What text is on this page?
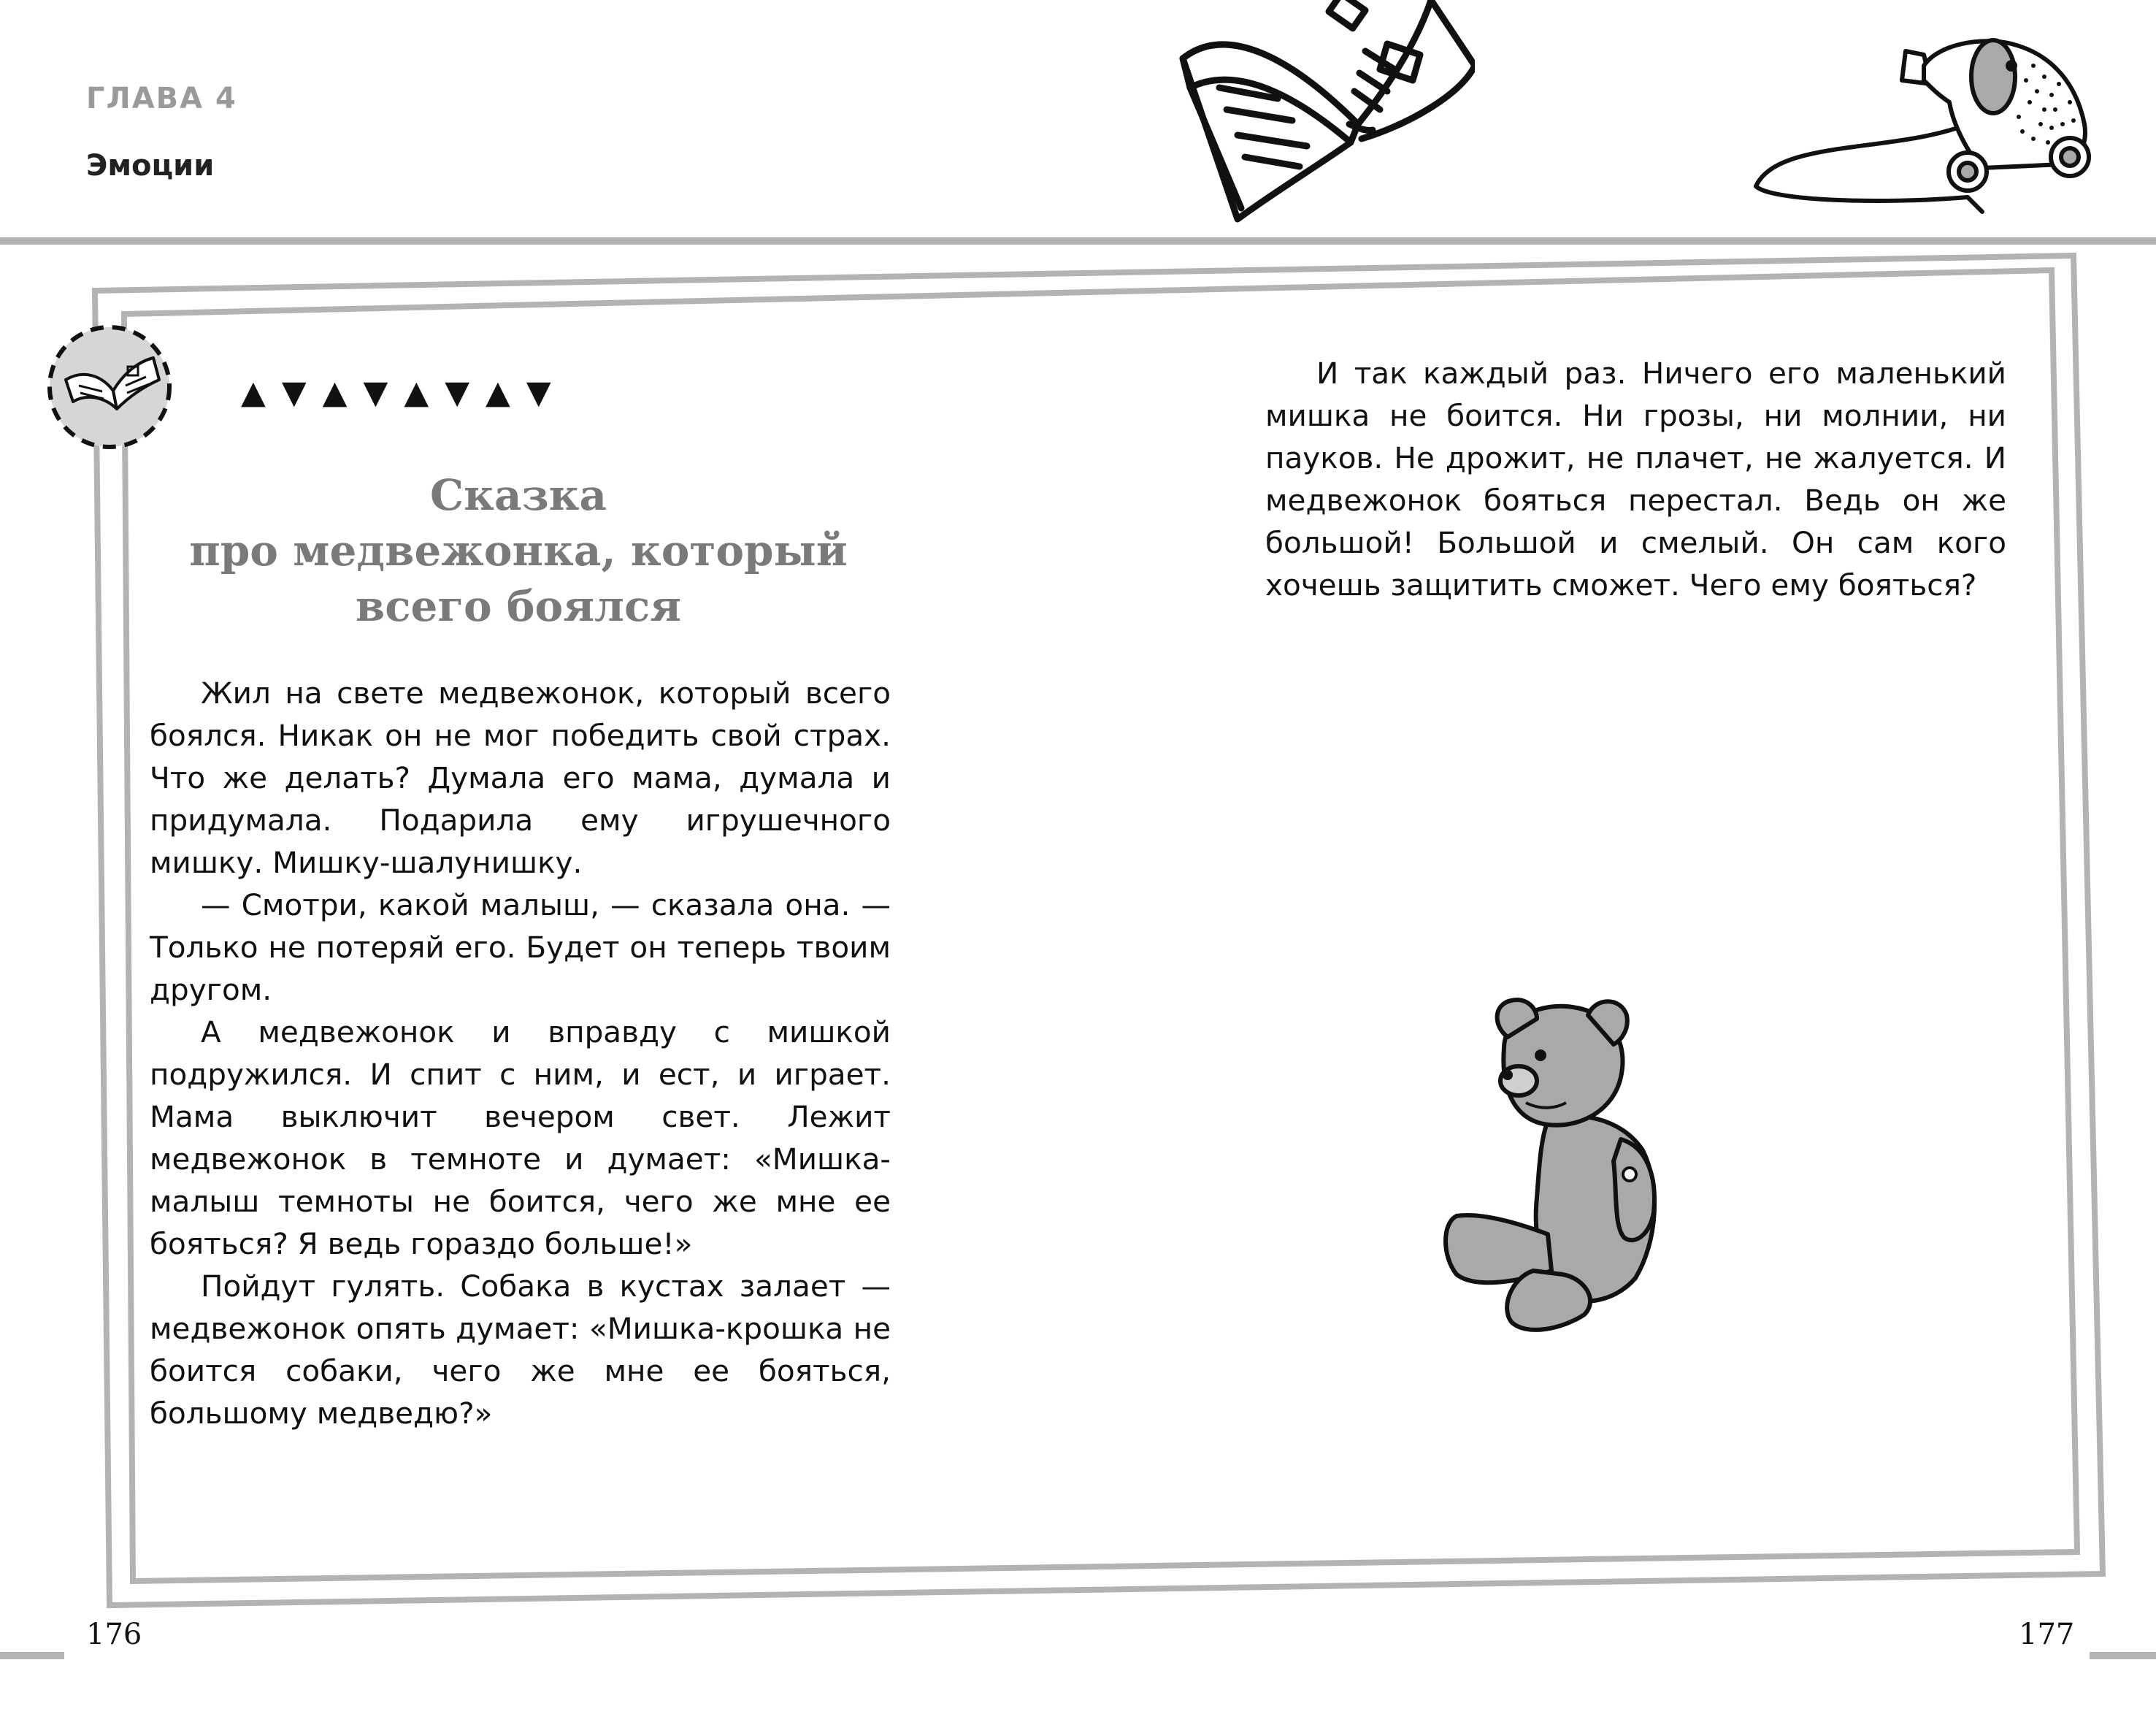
ГЛАВА 4
Эмоции
▲▼▲▼▲▼▲▼
Сказка
про медвежонка, который
всего боялся

Жил на свете медвежонок, который всего боялся. Никак он не мог победить свой страх. Что же делать? Думала его мама, думала и придумала. Подарила ему игрушечного мишку. Мишку-шалунишку.

— Смотри, какой малыш, — сказала она. — Только не потеряй его. Будет он теперь твоим другом.

А медвежонок и вправду с мишкой подружился. И спит с ним, и ест, и играет. Мама выключит вечером свет. Лежит медвежонок в темноте и думает: «Мишка-малыш темноты не боится, чего же мне ее бояться? Я ведь гораздо больше!»

Пойдут гулять. Собака в кустах залает — медвежонок опять думает: «Мишка-крошка не боится собаки, чего же мне ее бояться, большому медведю?»

И так каждый раз. Ничего его маленький мишка не боится. Ни грозы, ни молнии, ни пауков. Не дрожит, не плачет, не жалуется. И медвежонок бояться перестал. Ведь он же большой! Большой и смелый. Он сам кого хочешь защитить сможет. Чего ему бояться?

176	177
